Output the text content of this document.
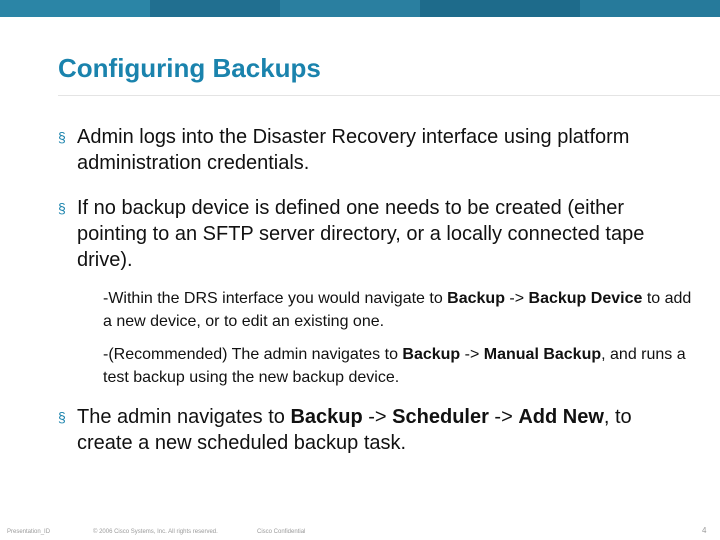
Configuring Backups
§ Admin logs into the Disaster Recovery interface using platform administration credentials.
§ If no backup device is defined one needs to be created (either pointing to an SFTP server directory, or a locally connected tape drive).
-Within the DRS interface you would navigate to Backup -> Backup Device to add a new device, or to edit an existing one.
-(Recommended) The admin navigates to Backup -> Manual Backup, and runs a test backup using the new backup device.
§ The admin navigates to Backup -> Scheduler -> Add New, to create a new scheduled backup task.
Presentation_ID	© 2006 Cisco Systems, Inc. All rights reserved.	Cisco Confidential	4
